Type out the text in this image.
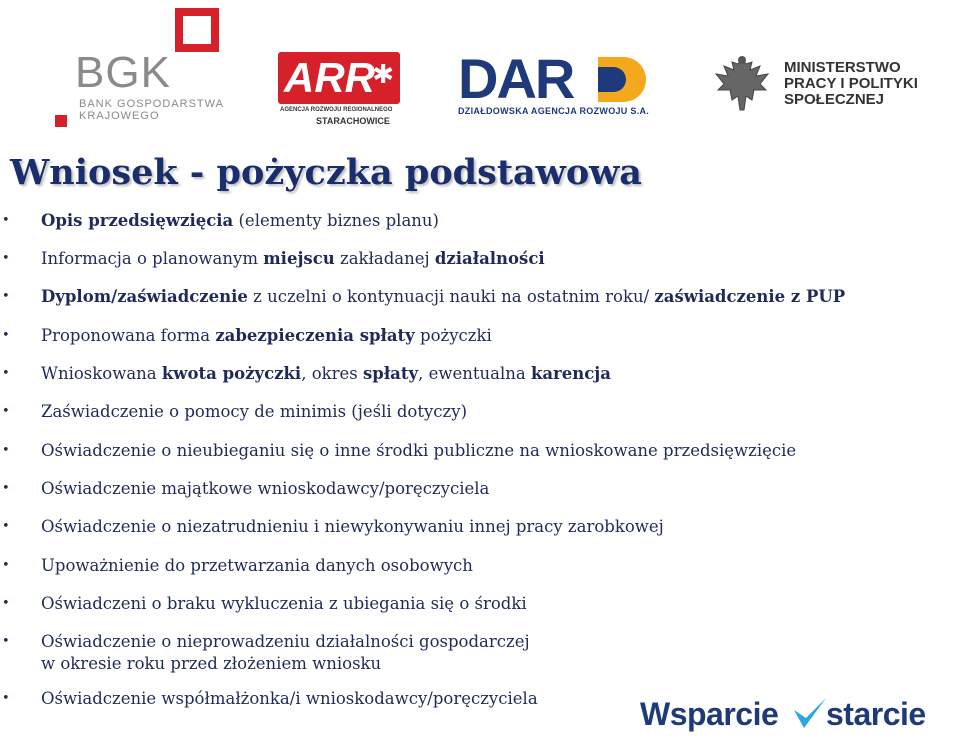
BGK
BANK GOSPODARSTWA
KRAJOWEGO
ARR
✱
AGENCJA ROZWOJU REGIONALNEGO
STARACHOWICE
DAR
DZIAŁDOWSKA AGENCJA ROZWOJU S.A.
MINISTERSTWO
PRACY I POLITYKI
SPOŁECZNEJ
Wniosek - pożyczka podstawowa
• Opis przedsięwzięcia (elementy biznes planu)
• Informacja o planowanym miejscu zakładanej działalności
• Dyplom/zaświadczenie z uczelni o kontynuacji nauki na ostatnim roku/ zaświadczenie z PUP
• Proponowana forma zabezpieczenia spłaty pożyczki
• Wnioskowana kwota pożyczki, okres spłaty, ewentualna karencja
• Zaświadczenie o pomocy de minimis (jeśli dotyczy)
• Oświadczenie o nieubieganiu się o inne środki publiczne na wnioskowane przedsięwzięcie
• Oświadczenie majątkowe wnioskodawcy/poręczyciela
• Oświadczenie o niezatrudnieniu i niewykonywaniu innej pracy zarobkowej
• Upoważnienie do przetwarzania danych osobowych
• Oświadczeni o braku wykluczenia z ubiegania się o środki
• Oświadczenie o nieprowadzeniu działalności gospodarczej
w okresie roku przed złożeniem wniosku
• Oświadczenie współmałżonka/i wnioskodawcy/poręczyciela	Wsparcie starcie
